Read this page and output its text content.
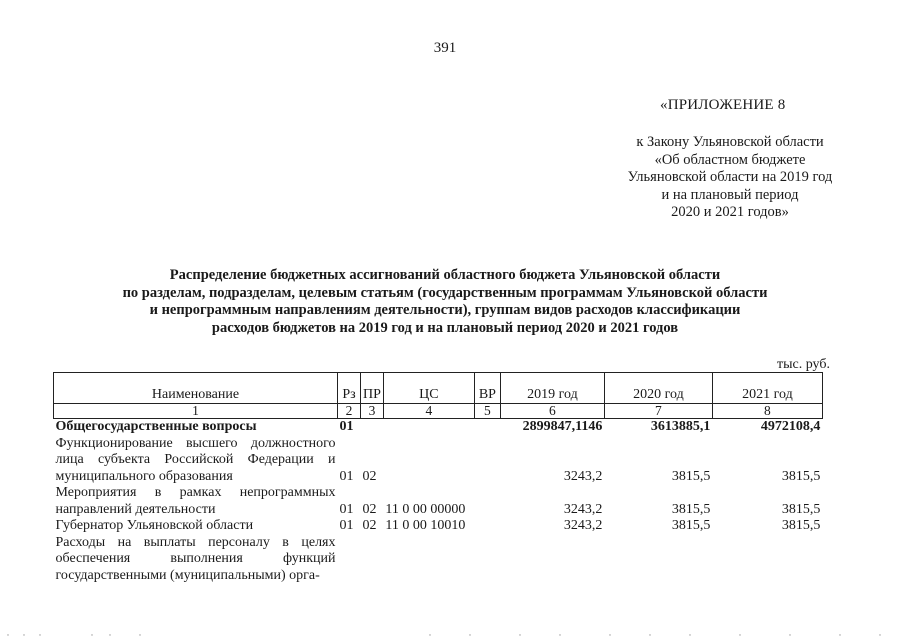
391
«ПРИЛОЖЕНИЕ 8
к Закону Ульяновской области
«Об областном бюджете
Ульяновской области на 2019 год
и на плановый период
2020 и 2021 годов»
Распределение бюджетных ассигнований областного бюджета Ульяновской области
по разделам, подразделам, целевым статьям (государственным программам Ульяновской области
и непрограммным направлениям деятельности), группам видов расходов классификации
расходов бюджетов на 2019 год и на плановый период 2020 и 2021 годов
тыс. руб.
Наименование	Рз	ПР	ЦС	ВР	2019 год	2020 год	2021 год
1	2	3	4	5	6	7	8
Общегосударственные вопросы	01				2899847,1146	3613885,1	4972108,4
Функционирование высшего должностного лица субъекта Российской Федерации и муниципального образования	01	02			3243,2	3815,5	3815,5
Мероприятия в рамках непрограммных направлений деятельности	01	02	11 0 00 00000		3243,2	3815,5	3815,5
Губернатор Ульяновской области	01	02	11 0 00 10010		3243,2	3815,5	3815,5
Расходы на выплаты персоналу в целях обеспечения выполнения функций государственными (муниципальными) орга-							
